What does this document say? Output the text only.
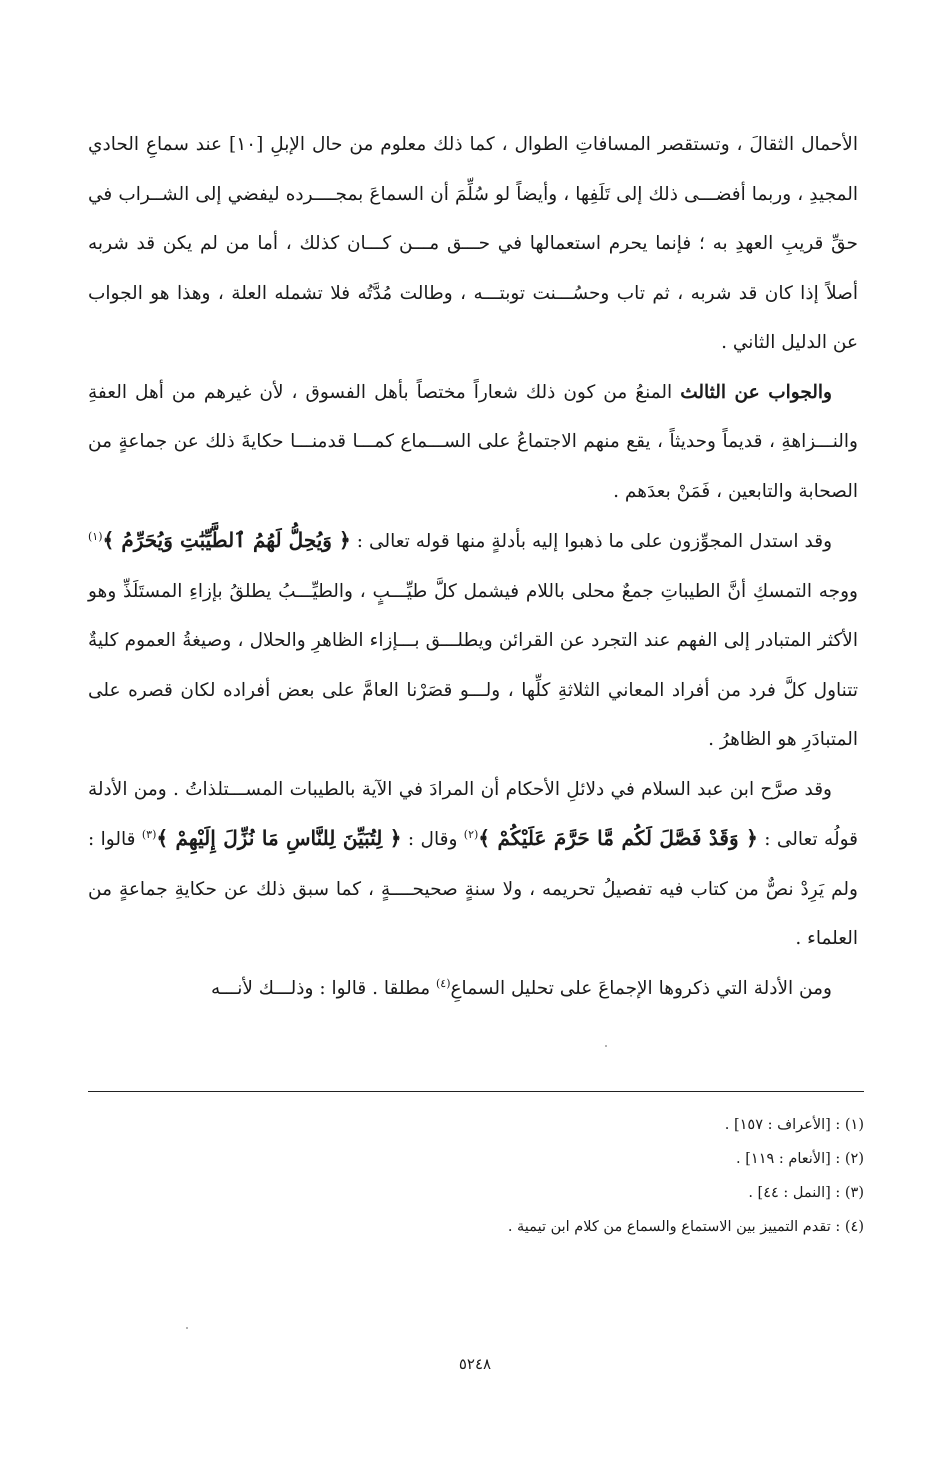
الأحمال الثقالَ ، وتستقصر المسافاتِ الطوال ، كما ذلك معلوم من حال الإبلِ [١٠] عند سماعِ الحادي المجيدِ ، وربما أفضـــى ذلك إلى تَلَفِها ، وأيضاً لو سُلِّمَ أن السماعَ بمجــــرده ليفضي إلى الشــراب في حقِّ قريبِ العهدِ به ؛ فإنما يحرم استعمالها في حـــق مـــن كـــان كذلك ، أما من لم يكن قد شربه أصلاً إذا كان قد شربه ، ثم تاب وحسُـــنت توبتـــه ، وطالت مُدَّتُه فلا تشمله العلة ، وهذا هو الجواب عن الدليل الثاني .

والجواب عن الثالث المنعُ من كون ذلك شعاراً مختصاً بأهل الفسوق ، لأن غيرهم من أهل العفةِ والنـــزاهةِ ، قديماً وحديثاً ، يقع منهم الاجتماعُ على الســـماع كمـــا قدمنـــا حكايةَ ذلك عن جماعةٍ من الصحابة والتابعين ، فَمَنْ بعدَهم .

وقد استدل المجوِّزون على ما ذهبوا إليه بأدلةٍ منها قوله تعالى : ﴿ وَيُحِلُّ لَهُمُ ٱلطَّيِّبَٰتِ وَيُحَرِّمُ ﴾$^{(١)}$ ووجه التمسكِ أنَّ الطيباتِ جمعٌ محلى باللام فيشمل كلَّ طيِّـــبٍ ، والطيِّـــبُ يطلقُ بإزاءِ المستَلَذِّ وهو الأكثر المتبادر إلى الفهم عند التجرد عن القرائن ويطلـــق بـــإزاء الظاهرِ والحلال ، وصيغةُ العموم كليةٌ تتناول كلَّ فرد من أفراد المعاني الثلاثةِ كلِّها ، ولـــو قصَرْنا العامَّ على بعض أفراده لكان قصره على المتبادَرِ هو الظاهرُ .

وقد صرَّح ابن عبد السلام في دلائلِ الأحكام أن المرادَ في الآية بالطيبات المســـتلذاتُ . ومن الأدلة قولُه تعالى : ﴿ وَقَدْ فَصَّلَ لَكُم مَّا حَرَّمَ عَلَيْكُمْ ﴾$^{(٢)}$ وقال : ﴿ لِتُبَيِّنَ لِلنَّاسِ مَا نُزِّلَ إِلَيْهِمْ ﴾$^{(٣)}$ قالوا : ولم يَرِدْ نصٌّ من كتاب فيه تفصيلُ تحريمه ، ولا سنةٍ صحيحــــةٍ ، كما سبق ذلك عن حكايةِ جماعةٍ من العلماء .

ومن الأدلة التي ذكروها الإجماعَ على تحليل السماعِ$^{(٤)}$ مطلقا . قالوا : وذلـــك لأنـــه

(١) : [الأعراف : ١٥٧] .

(٢) : [الأنعام : ١١٩] .

(٣) : [النمل : ٤٤] .

(٤) : تقدم التمييز بين الاستماع والسماع من كلام ابن تيمية .

٥٢٤٨
